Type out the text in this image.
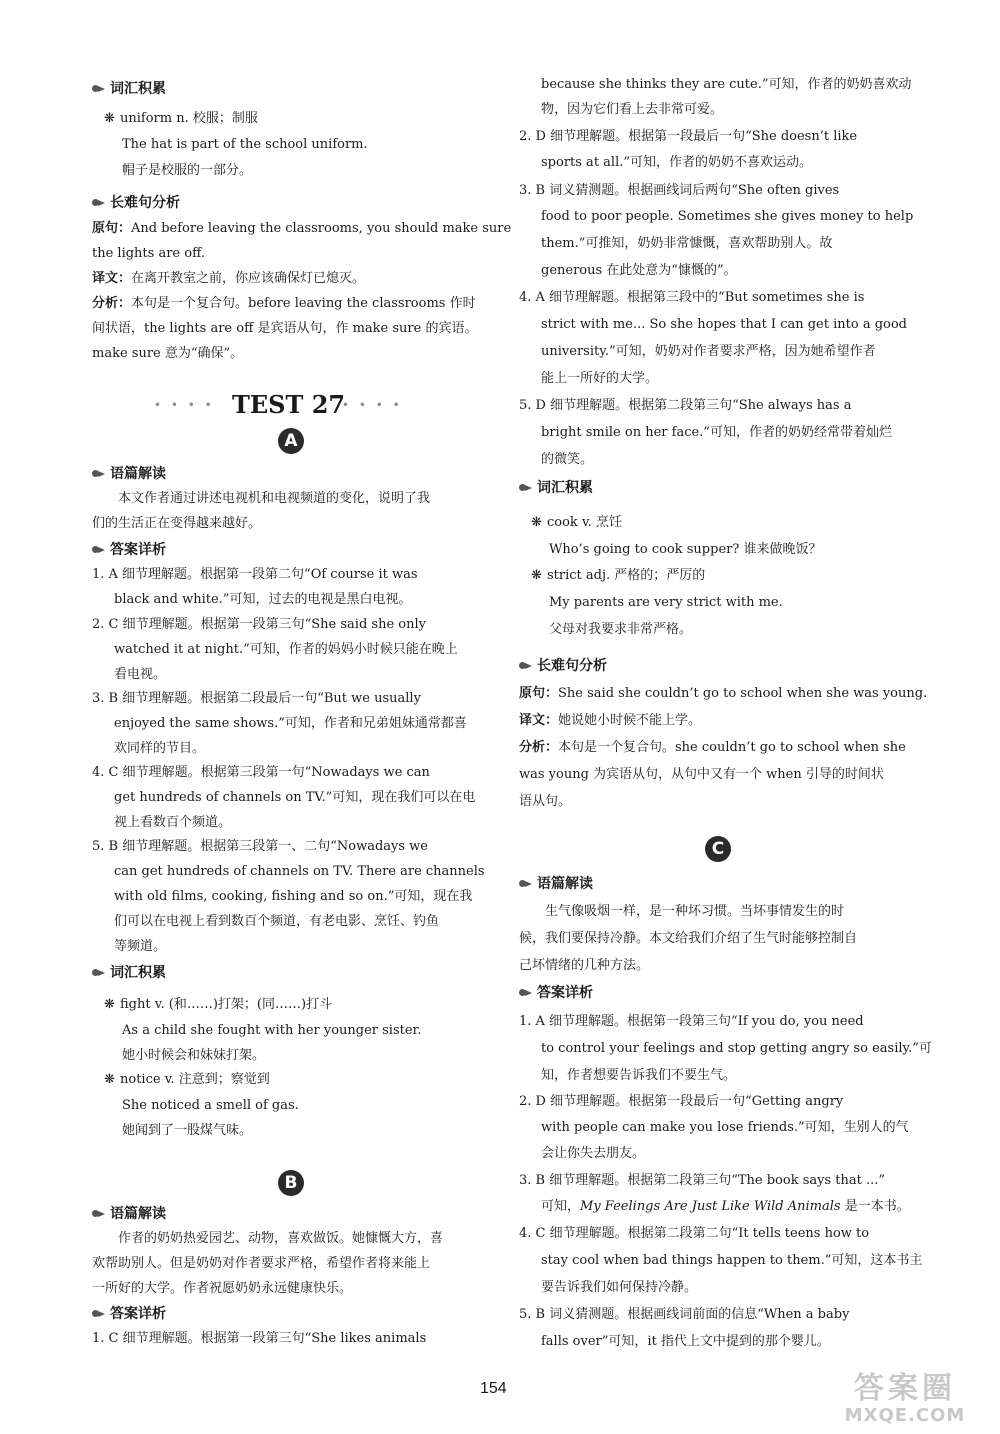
词汇积累
❋ uniform n. 校服；制服
The hat is part of the school uniform.
帽子是校服的一部分。
长难句分析
原句：And before leaving the classrooms, you should make sure
the lights are off.
译文：在离开教室之前，你应该确保灯已熄灭。
分析：本句是一个复合句。before leaving the classrooms 作时
间状语，the lights are off 是宾语从句，作 make sure 的宾语。
make sure 意为“确保”。
• • • • TEST 27
• • • •
A
语篇解读
本文作者通过讲述电视机和电视频道的变化，说明了我
们的生活正在变得越来越好。
答案详析
1. A 细节理解题。根据第一段第二句“Of course it was
black and white.”可知，过去的电视是黑白电视。
2. C 细节理解题。根据第一段第三句“She said she only
watched it at night.”可知，作者的妈妈小时候只能在晚上
看电视。
3. B 细节理解题。根据第二段最后一句“But we usually
enjoyed the same shows.”可知，作者和兄弟姐妹通常都喜
欢同样的节目。
4. C 细节理解题。根据第三段第一句“Nowadays we can
get hundreds of channels on TV.”可知，现在我们可以在电
视上看数百个频道。
5. B 细节理解题。根据第三段第一、二句“Nowadays we
can get hundreds of channels on TV. There are channels
with old films, cooking, fishing and so on.”可知，现在我
们可以在电视上看到数百个频道，有老电影、烹饪、钓鱼
等频道。
词汇积累
❋ fight v. (和……)打架；(同……)打斗
As a child she fought with her younger sister.
她小时候会和妹妹打架。
❋ notice v. 注意到；察觉到
She noticed a smell of gas.
她闻到了一股煤气味。
B
语篇解读
作者的奶奶热爱园艺、动物，喜欢做饭。她慷慨大方，喜
欢帮助别人。但是奶奶对作者要求严格，希望作者将来能上
一所好的大学。作者祝愿奶奶永远健康快乐。
答案详析
1. C 细节理解题。根据第一段第三句“She likes animals
because she thinks they are cute.”可知，作者的奶奶喜欢动
物，因为它们看上去非常可爱。
2. D 细节理解题。根据第一段最后一句“She doesn’t like
sports at all.”可知，作者的奶奶不喜欢运动。
3. B 词义猜测题。根据画线词后两句“She often gives
food to poor people. Sometimes she gives money to help
them.”可推知，奶奶非常慷慨，喜欢帮助别人。故
generous 在此处意为“慷慨的”。
4. A 细节理解题。根据第三段中的“But sometimes she is
strict with me... So she hopes that I can get into a good
university.”可知，奶奶对作者要求严格，因为她希望作者
能上一所好的大学。
5. D 细节理解题。根据第二段第三句“She always has a
bright smile on her face.”可知，作者的奶奶经常带着灿烂
的微笑。
词汇积累
❋ cook v. 烹饪
Who’s going to cook supper? 谁来做晚饭？
❋ strict adj. 严格的；严厉的
My parents are very strict with me.
父母对我要求非常严格。
长难句分析
原句：She said she couldn’t go to school when she was young.
译文：她说她小时候不能上学。
分析：本句是一个复合句。she couldn’t go to school when she
was young 为宾语从句，从句中又有一个 when 引导的时间状
语从句。
C
语篇解读
生气像吸烟一样，是一种坏习惯。当坏事情发生的时
候，我们要保持冷静。本文给我们介绍了生气时能够控制自
己坏情绪的几种方法。
答案详析
1. A 细节理解题。根据第一段第三句“If you do, you need
to control your feelings and stop getting angry so easily.”可
知，作者想要告诉我们不要生气。
2. D 细节理解题。根据第一段最后一句“Getting angry
with people can make you lose friends.”可知，生别人的气
会让你失去朋友。
3. B 细节理解题。根据第二段第三句“The book says that ...”
可知，My Feelings Are Just Like Wild Animals 是一本书。
4. C 细节理解题。根据第二段第二句“It tells teens how to
stay cool when bad things happen to them.”可知，这本书主
要告诉我们如何保持冷静。
5. B 词义猜测题。根据画线词前面的信息“When a baby
falls over”可知，it 指代上文中提到的那个婴儿。
154	答案圈
MXQE.COM
